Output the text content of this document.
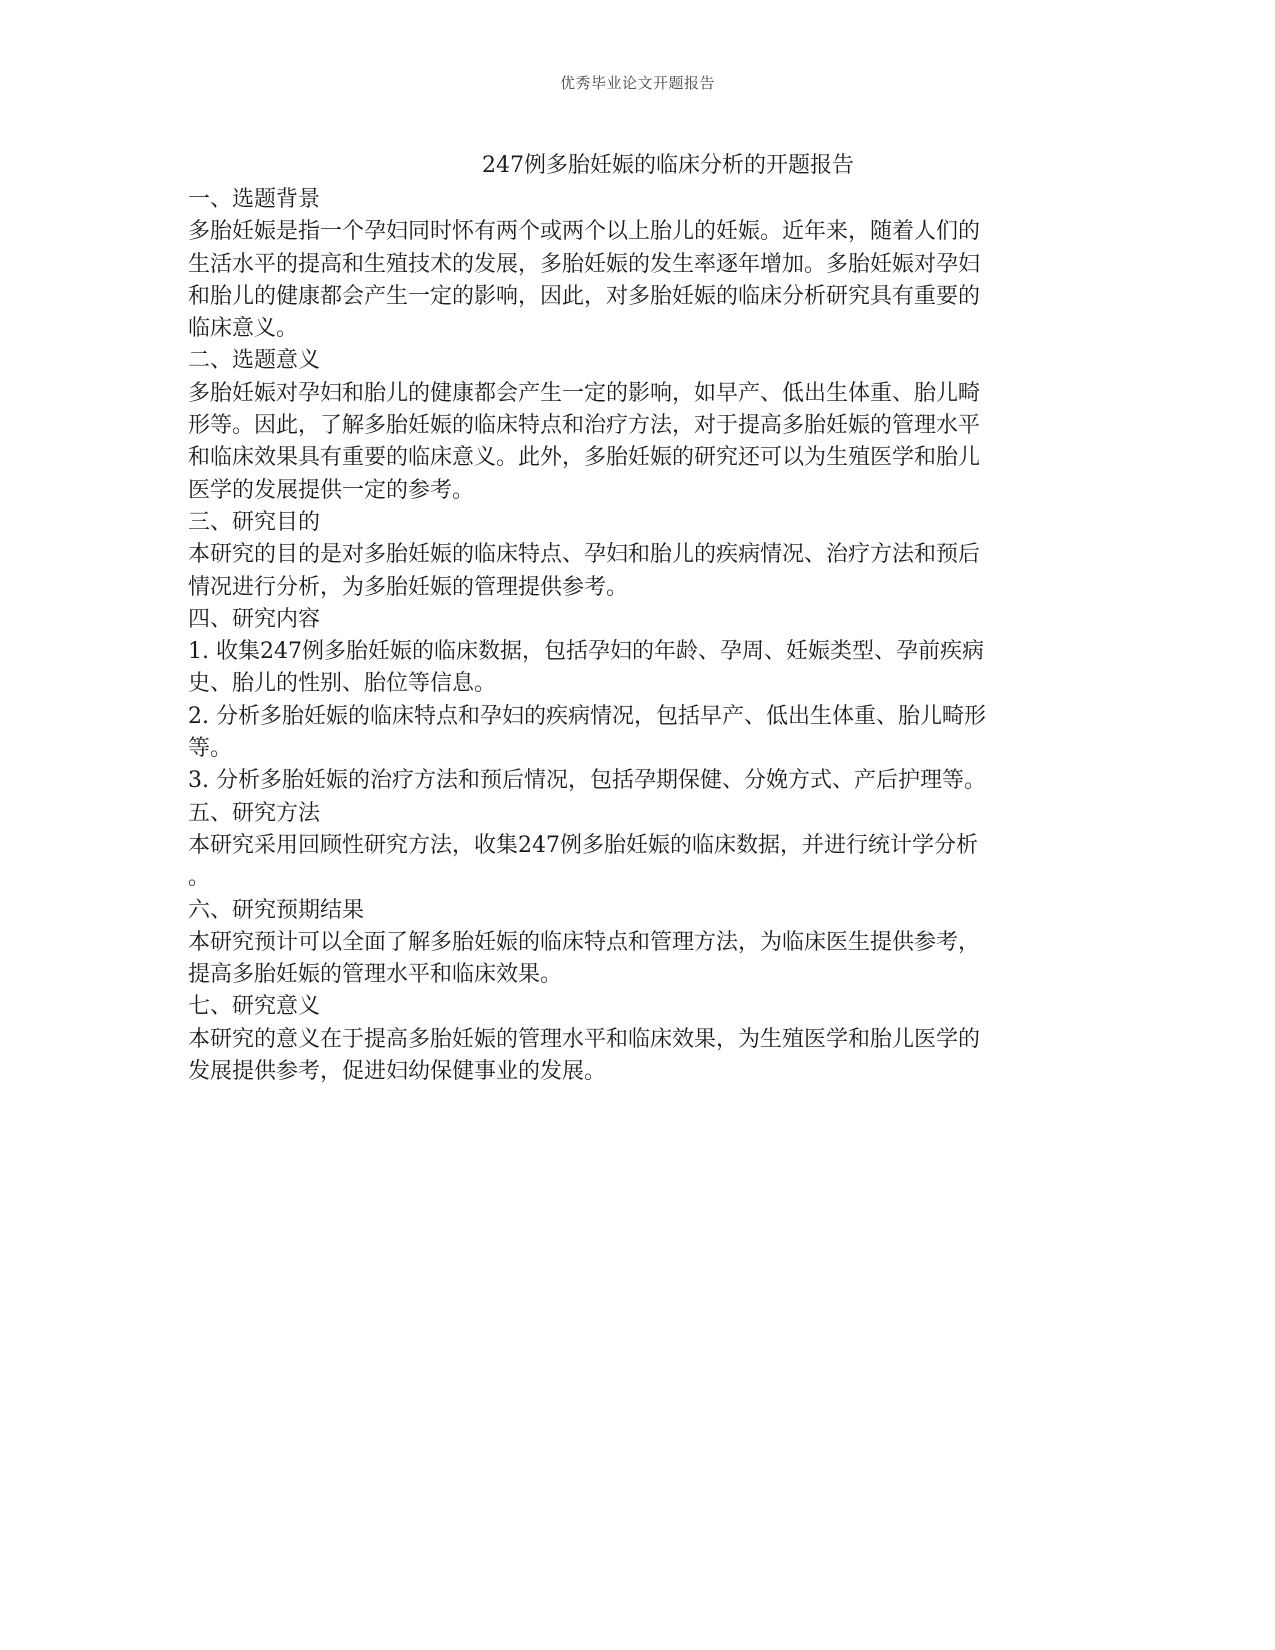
优秀毕业论文开题报告
247例多胎妊娠的临床分析的开题报告

一、选题背景

多胎妊娠是指一个孕妇同时怀有两个或两个以上胎儿的妊娠。近年来，随着人们的

生活水平的提高和生殖技术的发展，多胎妊娠的发生率逐年增加。多胎妊娠对孕妇

和胎儿的健康都会产生一定的影响，因此，对多胎妊娠的临床分析研究具有重要的

临床意义。

二、选题意义

多胎妊娠对孕妇和胎儿的健康都会产生一定的影响，如早产、低出生体重、胎儿畸

形等。因此，了解多胎妊娠的临床特点和治疗方法，对于提高多胎妊娠的管理水平

和临床效果具有重要的临床意义。此外，多胎妊娠的研究还可以为生殖医学和胎儿

医学的发展提供一定的参考。

三、研究目的

本研究的目的是对多胎妊娠的临床特点、孕妇和胎儿的疾病情况、治疗方法和预后

情况进行分析，为多胎妊娠的管理提供参考。

四、研究内容

1. 收集247例多胎妊娠的临床数据，包括孕妇的年龄、孕周、妊娠类型、孕前疾病

史、胎儿的性别、胎位等信息。

2. 分析多胎妊娠的临床特点和孕妇的疾病情况，包括早产、低出生体重、胎儿畸形

等。

3. 分析多胎妊娠的治疗方法和预后情况，包括孕期保健、分娩方式、产后护理等。

五、研究方法

本研究采用回顾性研究方法，收集247例多胎妊娠的临床数据，并进行统计学分析

。

六、研究预期结果

本研究预计可以全面了解多胎妊娠的临床特点和管理方法，为临床医生提供参考，

提高多胎妊娠的管理水平和临床效果。

七、研究意义

本研究的意义在于提高多胎妊娠的管理水平和临床效果，为生殖医学和胎儿医学的

发展提供参考，促进妇幼保健事业的发展。
